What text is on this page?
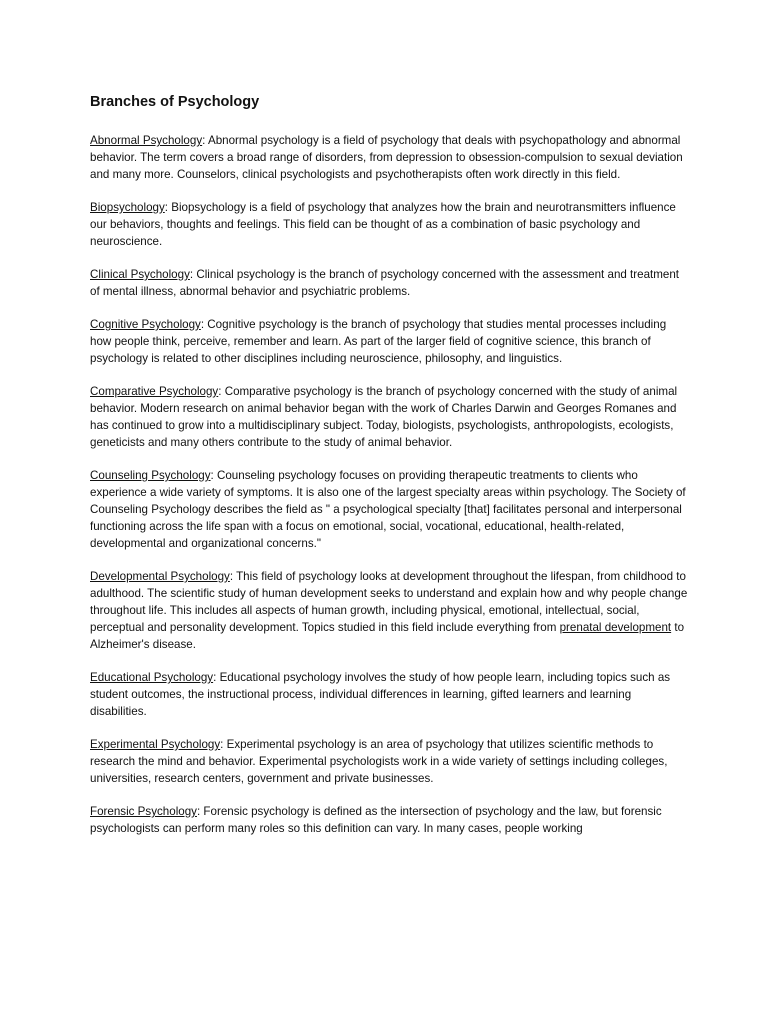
Branches of Psychology

Abnormal Psychology: Abnormal psychology is a field of psychology that deals with psychopathology and abnormal behavior. The term covers a broad range of disorders, from depression to obsession-compulsion to sexual deviation and many more. Counselors, clinical psychologists and psychotherapists often work directly in this field.

Biopsychology: Biopsychology is a field of psychology that analyzes how the brain and neurotransmitters influence our behaviors, thoughts and feelings. This field can be thought of as a combination of basic psychology and neuroscience.

Clinical Psychology: Clinical psychology is the branch of psychology concerned with the assessment and treatment of mental illness, abnormal behavior and psychiatric problems.

Cognitive Psychology: Cognitive psychology is the branch of psychology that studies mental processes including how people think, perceive, remember and learn. As part of the larger field of cognitive science, this branch of psychology is related to other disciplines including neuroscience, philosophy, and linguistics.

Comparative Psychology: Comparative psychology is the branch of psychology concerned with the study of animal behavior. Modern research on animal behavior began with the work of Charles Darwin and Georges Romanes and has continued to grow into a multidisciplinary subject. Today, biologists, psychologists, anthropologists, ecologists, geneticists and many others contribute to the study of animal behavior.

Counseling Psychology: Counseling psychology focuses on providing therapeutic treatments to clients who experience a wide variety of symptoms. It is also one of the largest specialty areas within psychology. The Society of Counseling Psychology describes the field as " a psychological specialty [that] facilitates personal and interpersonal functioning across the life span with a focus on emotional, social, vocational, educational, health-related, developmental and organizational concerns."

Developmental Psychology: This field of psychology looks at development throughout the lifespan, from childhood to adulthood. The scientific study of human development seeks to understand and explain how and why people change throughout life. This includes all aspects of human growth, including physical, emotional, intellectual, social, perceptual and personality development. Topics studied in this field include everything from prenatal development to Alzheimer's disease.

Educational Psychology: Educational psychology involves the study of how people learn, including topics such as student outcomes, the instructional process, individual differences in learning, gifted learners and learning disabilities.

Experimental Psychology: Experimental psychology is an area of psychology that utilizes scientific methods to research the mind and behavior. Experimental psychologists work in a wide variety of settings including colleges, universities, research centers, government and private businesses.

Forensic Psychology: Forensic psychology is defined as the intersection of psychology and the law, but forensic psychologists can perform many roles so this definition can vary. In many cases, people working
